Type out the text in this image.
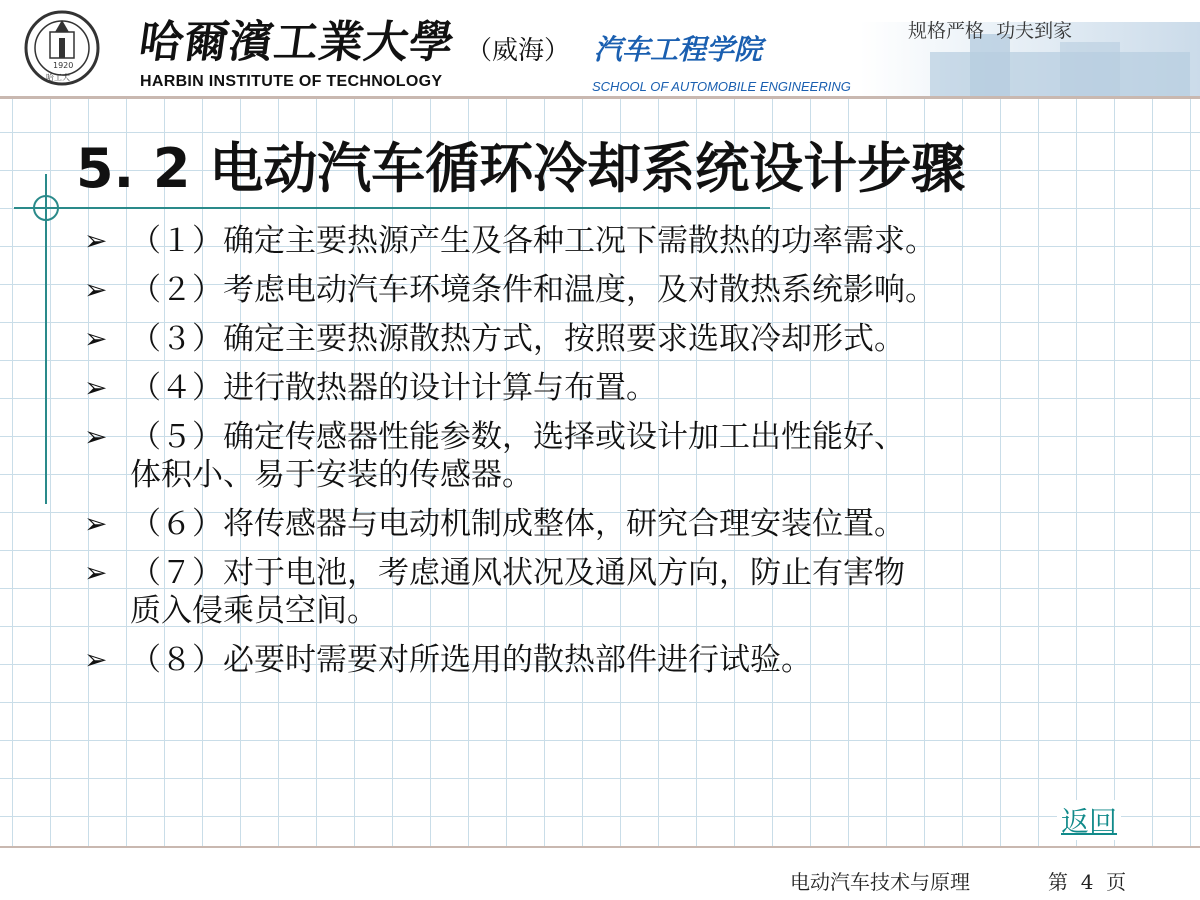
1920
哈工大
哈爾濱工業大學 （威海） 汽车工程学院
HARBIN INSTITUTE OF TECHNOLOGY	SCHOOL OF AUTOMOBILE ENGINEERING
规格严格  功夫到家
5. 2 电动汽车循环冷却系统设计步骤
➢ （１）确定主要热源产生及各种工况下需散热的功率需求。
➢ （２）考虑电动汽车环境条件和温度，及对散热系统影响。
➢ （３）确定主要热源散热方式，按照要求选取冷却形式。
➢ （４）进行散热器的设计计算与布置。
➢ （５）确定传感器性能参数，选择或设计加工出性能好、
体积小、易于安装的传感器。
➢ （６）将传感器与电动机制成整体，研究合理安装位置。
➢ （７）对于电池，考虑通风状况及通风方向，防止有害物
质入侵乘员空间。
➢ （８）必要时需要对所选用的散热部件进行试验。
返回
电动汽车技术与原理	第  4  页
